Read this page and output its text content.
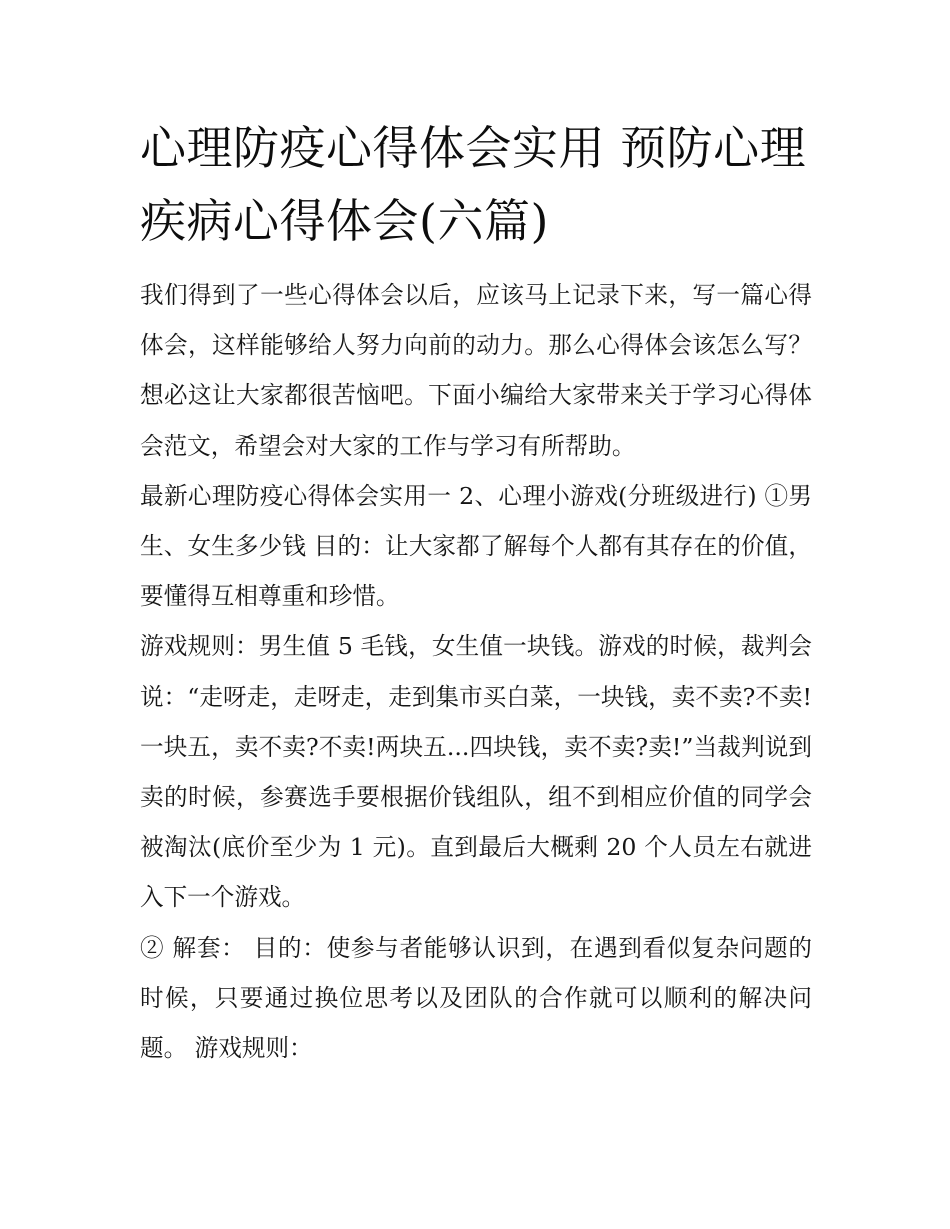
心理防疫心得体会实用 预防心理疾病心得体会(六篇)

我们得到了一些心得体会以后，应该马上记录下来，写一篇心得体会，这样能够给人努力向前的动力。那么心得体会该怎么写？想必这让大家都很苦恼吧。下面小编给大家带来关于学习心得体会范文，希望会对大家的工作与学习有所帮助。

最新心理防疫心得体会实用一 2、心理小游戏(分班级进行) ①男生、女生多少钱 目的：让大家都了解每个人都有其存在的价值，要懂得互相尊重和珍惜。

游戏规则：男生值 5 毛钱，女生值一块钱。游戏的时候，裁判会说：“走呀走，走呀走，走到集市买白菜，一块钱，卖不卖?不卖!一块五，卖不卖?不卖!两块五...四块钱，卖不卖?卖!”当裁判说到卖的时候，参赛选手要根据价钱组队，组不到相应价值的同学会被淘汰(底价至少为 1 元)。直到最后大概剩 20 个人员左右就进入下一个游戏。

② 解套： 目的：使参与者能够认识到，在遇到看似复杂问题的时候，只要通过换位思考以及团队的合作就可以顺利的解决问题。 游戏规则：
